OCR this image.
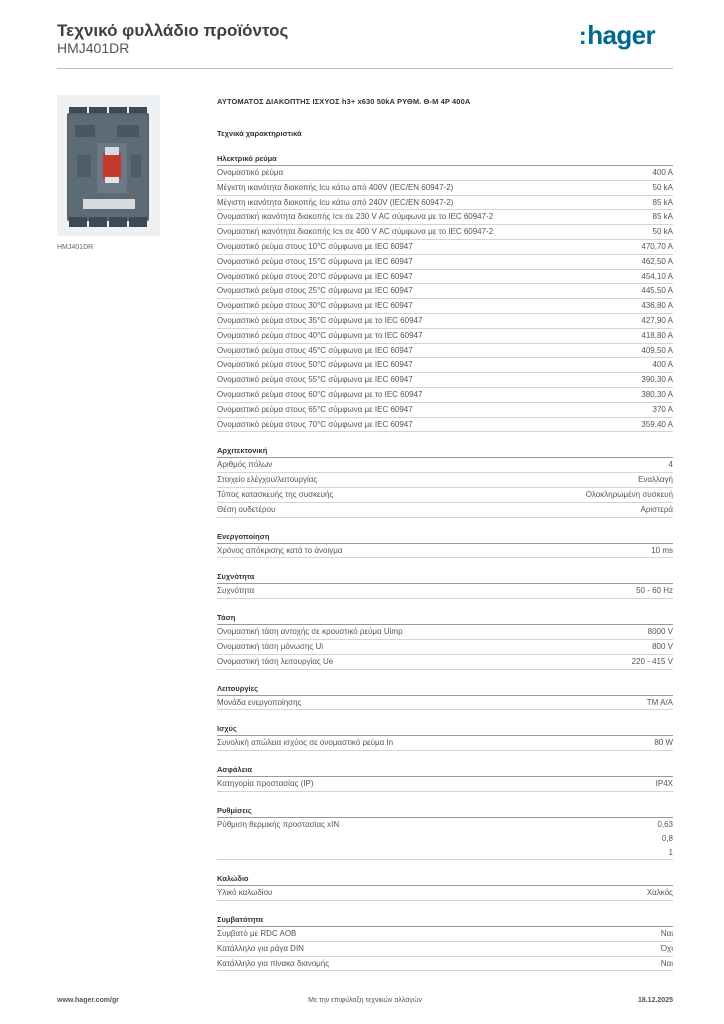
Τεχνικό φυλλάδιο προϊόντος
HMJ401DR	:hager
HMJ401DR
ΑΥΤΟΜΑΤΟΣ ΔΙΑΚΟΠΤΗΣ ΙΣΧΥΟΣ h3+ x630 50kA ΡΥΘΜ. Θ-Μ 4P 400A
Τεχνικά χαρακτηριστικά
Ηλεκτρικό ρεύμα
Ονομαστικό ρεύμα	400 A
Μέγιστη ικανότητα διακοπής Icu κάτω από 400V (IEC/EN 60947-2)	50 kA
Μέγιστη ικανότητα διακοπής Icu κάτω από 240V (IEC/EN 60947-2)	85 kA
Ονομαστική ικανότητα διακοπής Ics σε 230 V AC σύμφωνα με το IEC 60947-2	85 kA
Ονομαστική ικανότητα διακοπής Ics σε 400 V AC σύμφωνα με το IEC 60947-2	50 kA
Ονομαστικό ρεύμα στους 10°C σύμφωνα με IEC 60947	470,70 A
Ονομαστικό ρεύμα στους 15°C σύμφωνα με IEC 60947	462,50 A
Ονομαστικό ρεύμα στους 20°C σύμφωνα με IEC 60947	454,10 A
Ονομαστικό ρεύμα στους 25°C σύμφωνα με IEC 60947	445,50 A
Ονομαστικό ρεύμα στους 30°C σύμφωνα με IEC 60947	436,80 A
Ονομαστικό ρεύμα στους 35°C σύμφωνα με το IEC 60947	427,90 A
Ονομαστικό ρεύμα στους 40°C σύμφωνα με το IEC 60947	418,80 A
Ονομαστικό ρεύμα στους 45°C σύμφωνα με IEC 60947	409,50 A
Ονομαστικό ρεύμα στους 50°C σύμφωνα με IEC 60947	400 A
Ονομαστικό ρεύμα στους 55°C σύμφωνα με IEC 60947	390,30 A
Ονομαστικό ρεύμα στους 60°C σύμφωνα με το IEC 60947	380,30 A
Ονομαστικό ρεύμα στους 65°C σύμφωνα με IEC 60947	370 A
Ονομαστικό ρεύμα στους 70°C σύμφωνα με IEC 60947	359,40 A
Αρχιτεκτονική
Αριθμός πόλων	4
Στοιχείο ελέγχου/λειτουργίας	Εναλλαγή
Τύπος κατασκευής της συσκευής	Ολοκληρωμένη συσκευή
Θέση ουδετέρου	Αριστερά
Ενεργοποίηση
Χρόνος απόκρισης κατά το άνοιγμα	10 ms
Συχνότητα
Συχνότητα	50 - 60 Hz
Τάση
Ονομαστική τάση αντοχής σε κρουστικό ρεύμα Uimp	8000 V
Ονομαστική τάση μόνωσης Ui	800 V
Ονομαστική τάση λειτουργίας Ue	220 - 415 V
Λειτουργίες
Μονάδα ενεργοποίησης	TM A/A
Ισχύς
Συνολική απώλεια ισχύος σε ονομαστικό ρεύμα In	80 W
Ασφάλεια
Κατηγορία προστασίας (IP)	IP4X
Ρυθμίσεις
Ρύθμιση θερμικής προστασίας xIN	0,63
0,8
1
Καλώδιο
Υλικό καλωδίου	Χαλκός
Συμβατότητα
Συμβατό με RDC AOB	Ναι
Κατάλληλο για ράγα DIN	Όχι
Κατάλληλο για πίνακα διανομής	Ναι
Με την επιφύλαξη τεχνικών αλλαγών
www.hager.com/gr	18.12.2025
